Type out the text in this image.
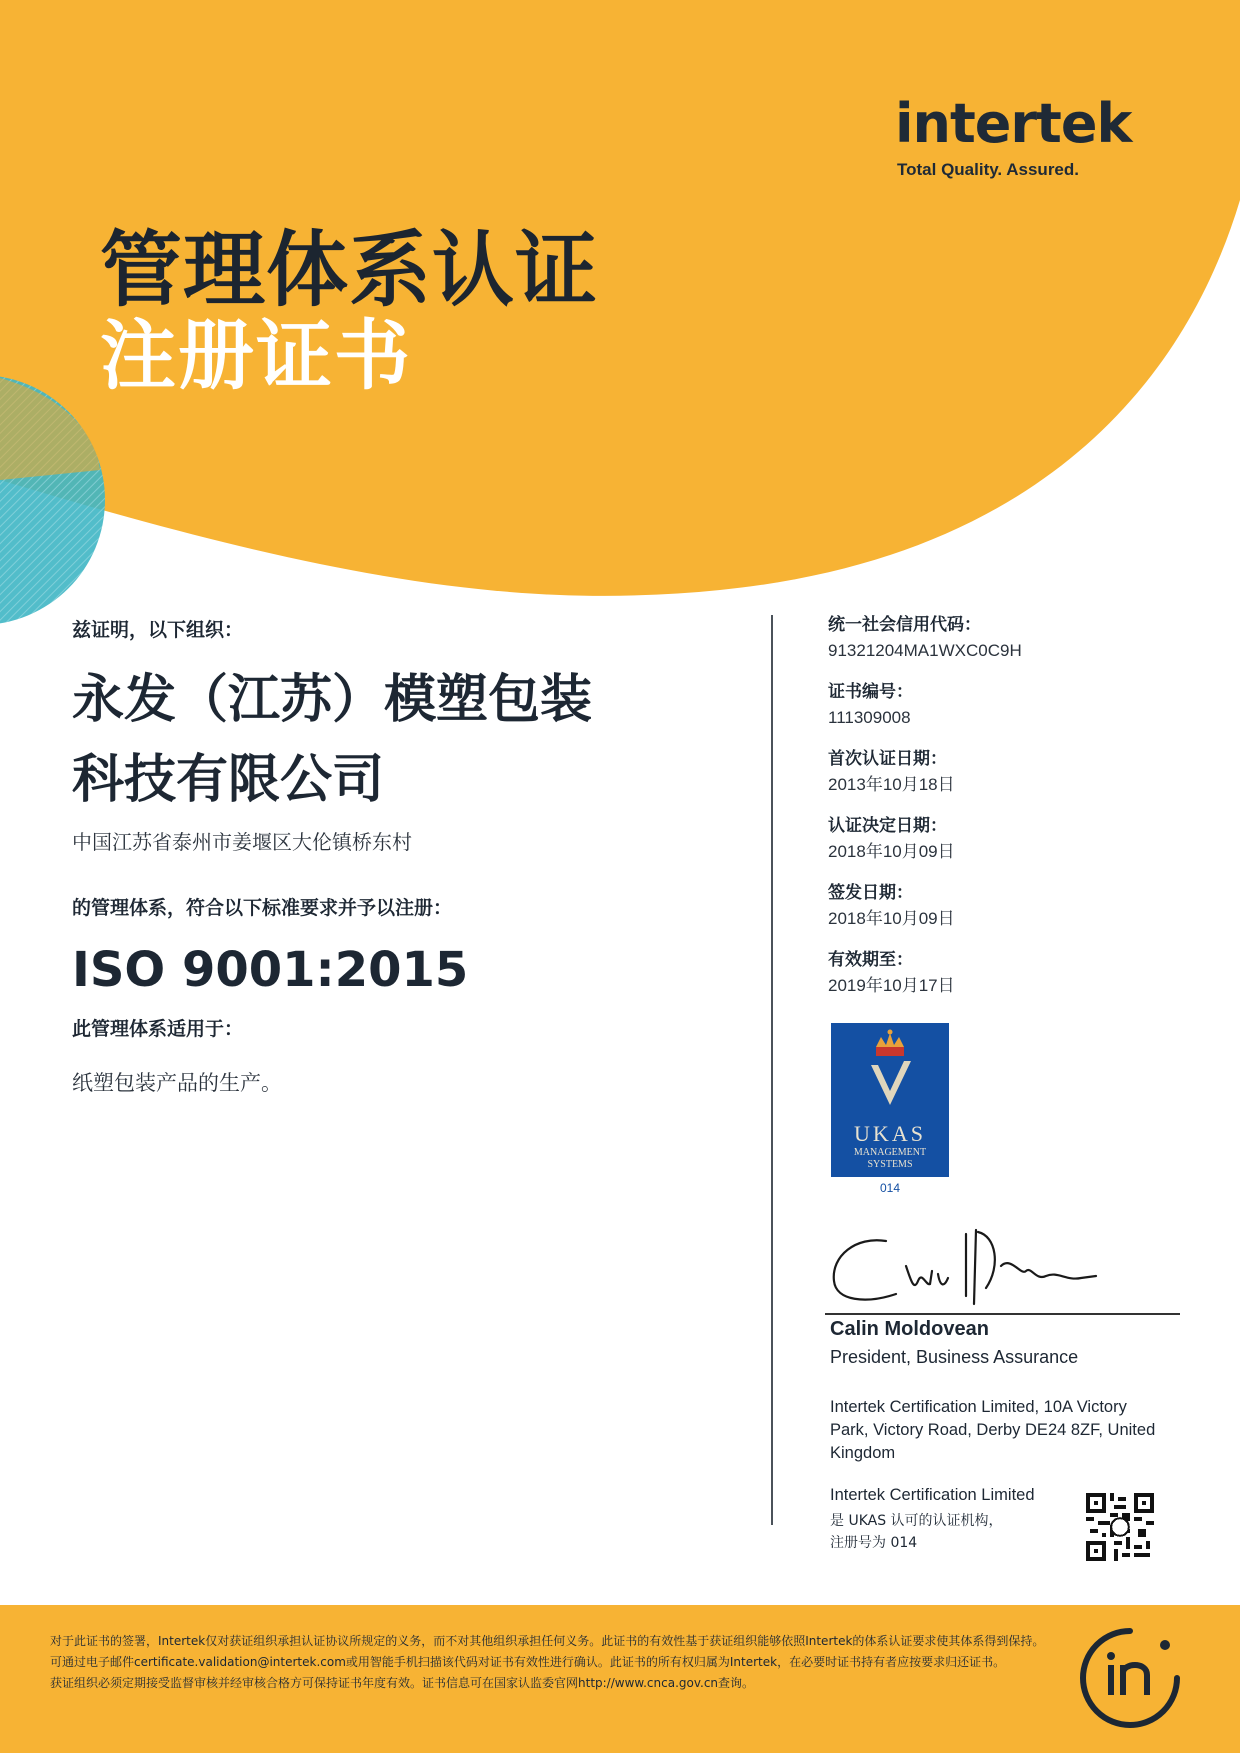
intertek
Total Quality. Assured.
管理体系认证
注册证书
兹证明，以下组织：
永发（江苏）模塑包装
科技有限公司
中国江苏省泰州市姜堰区大伦镇桥东村
的管理体系，符合以下标准要求并予以注册：
ISO 9001:2015
此管理体系适用于：
纸塑包装产品的生产。
统一社会信用代码：
91321204MA1WXC0C9H
证书编号：
111309008
首次认证日期：
2013年10月18日
认证决定日期：
2018年10月09日
签发日期：
2018年10月09日
有效期至：
2019年10月17日
UKAS
MANAGEMENT
SYSTEMS
014
Calin Moldovean
President, Business Assurance
Intertek Certification Limited, 10A Victory Park, Victory Road, Derby DE24 8ZF, United Kingdom
Intertek Certification Limited
是 UKAS 认可的认证机构，
注册号为 014
对于此证书的签署，Intertek仅对获证组织承担认证协议所规定的义务，而不对其他组织承担任何义务。此证书的有效性基于获证组织能够依照Intertek的体系认证要求使其体系得到保持。可通过电子邮件certificate.validation@intertek.com或用智能手机扫描该代码对证书有效性进行确认。此证书的所有权归属为Intertek，在必要时证书持有者应按要求归还证书。
获证组织必须定期接受监督审核并经审核合格方可保持证书年度有效。证书信息可在国家认监委官网http://www.cnca.gov.cn查询。
